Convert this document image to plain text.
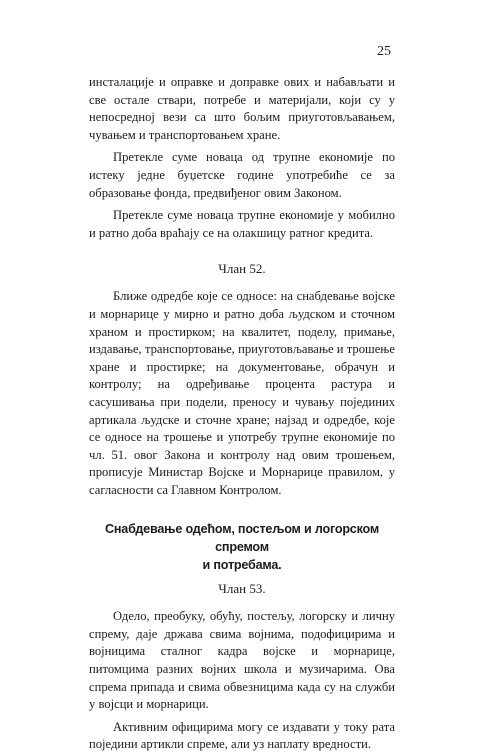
25

инсталације и оправке и доправке ових и набављати и све остале ствари, потребе и материјали, који су у непосредној вези са што бољим приуготовљавањем, чувањем и транспортовањем хране.

Претекле суме новаца од трупне економије по истеку једне буџетске године употребиће се за образовање фонда, предвиђеног овим Законом.

Претекле суме новаца трупне економије у мобилно и ратно доба враћају се на олакшицу ратног кредита.

Члан 52.

Ближе одредбе које се односе: на снабдевање војске и морнарице у мирно и ратно доба људском и сточном храном и простирком; на квалитет, поделу, примање, издавање, транспортовање, приуготовљавање и трошење хране и простирке; на документовање, обрачун и контролу; на одређивање процента растура и сасушивања при подели, преносу и чувању појединих артикала људске и сточне хране; најзад и одредбе, које се односе на трошење и употребу трупне економије по чл. 51. овог Закона и контролу над овим трошењем, прописује Министар Војске и Морнарице правилом, у сагласности са Главном Контролом.

Снабдевање одећом, постељом и логорском спремом
и потребама.
Члан 53.

Одело, преобуку, обућу, постељу, логорску и личну спрему, даје држава свима војнима, подофицирима и војницима сталног кадра војске и морнарице, питомцима разних војних школа и музичарима. Ова спрема припада и свима обвезницима када су на служби у војсци и морнарици.

Активним официрима могу се издавати у току рата поједини артикли спреме, али уз наплату вредности.
